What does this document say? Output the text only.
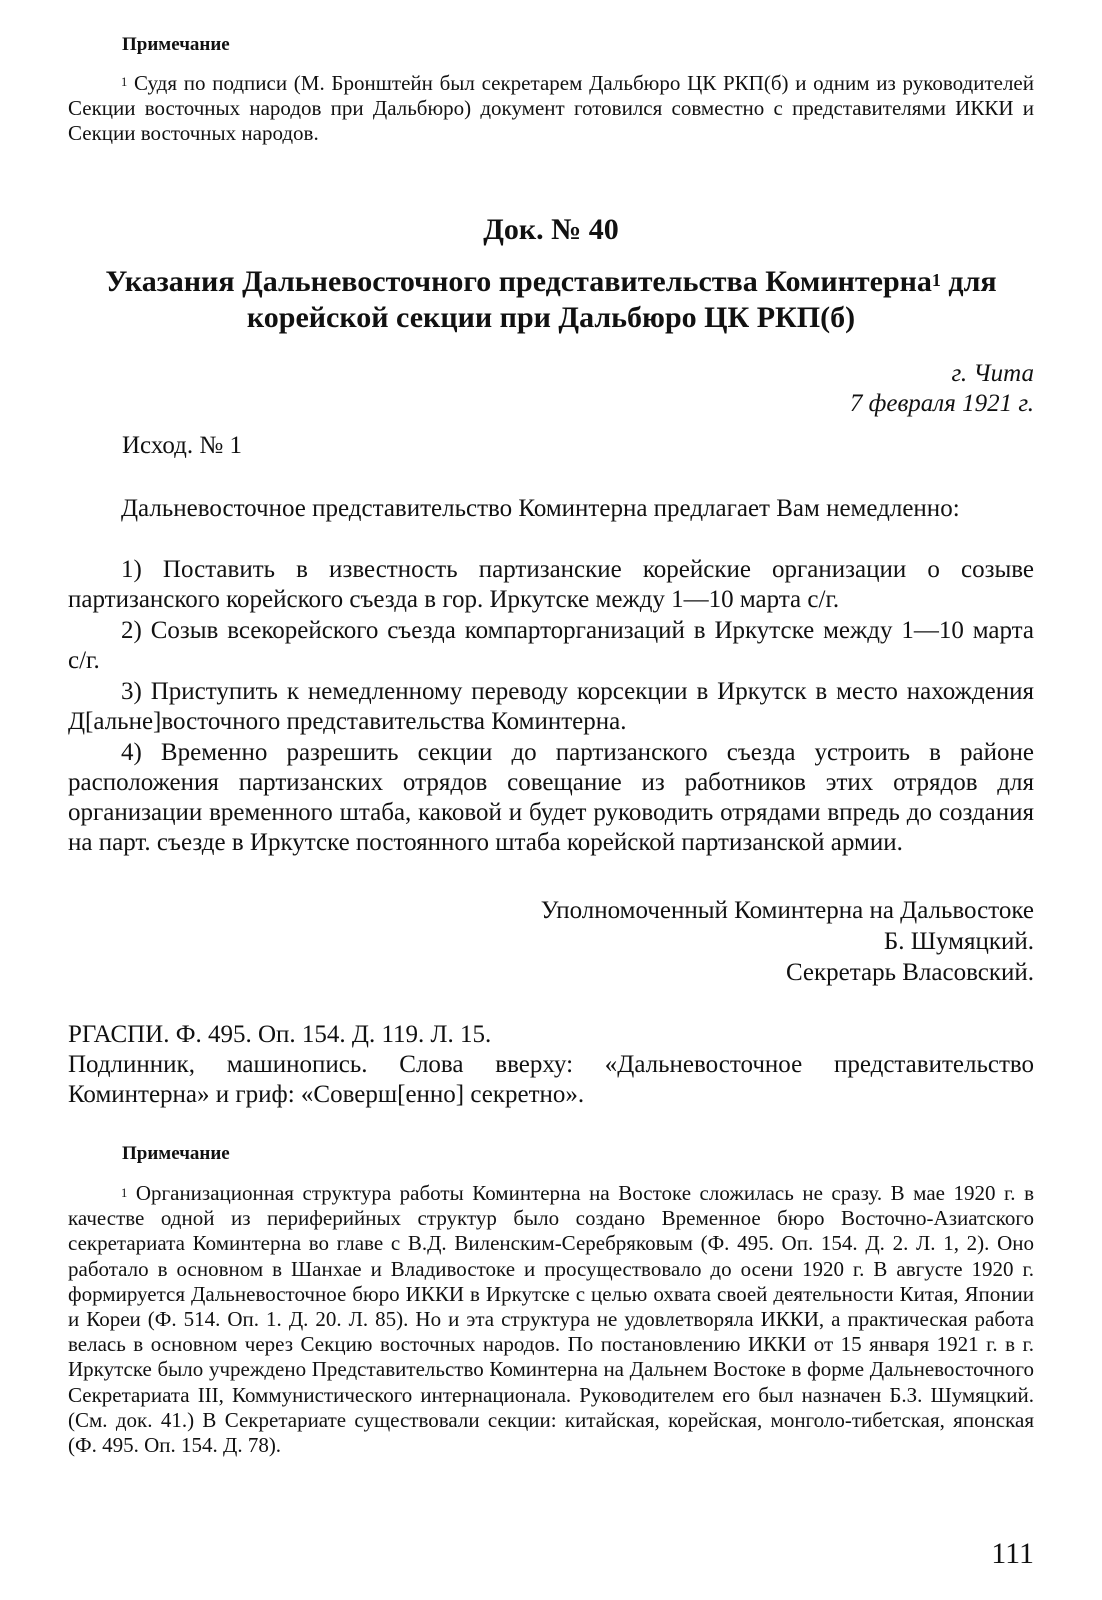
Примечание

$^1$ Судя по подписи (М. Бронштейн был секретарем Дальбюро ЦК РКП(б) и одним из руководителей Секции восточных народов при Дальбюро) документ готовился совместно с представителями ИККИ и Секции восточных народов.

Док. № 40
Указания Дальневосточного представительства Коминтерна$^1$ для корейской секции при Дальбюро ЦК РКП(б)
г. Чита
7 февраля 1921 г.
Исход. № 1

Дальневосточное представительство Коминтерна предлагает Вам немедленно:

1) Поставить в известность партизанские корейские организации о созыве партизанского корейского съезда в гор. Иркутске между 1—10 марта с/г.

2) Созыв всекорейского съезда компарторганизаций в Иркутске между 1—10 марта с/г.

3) Приступить к немедленному переводу корсекции в Иркутск в место нахождения Д[альне]восточного представительства Коминтерна.

4) Временно разрешить секции до партизанского съезда устроить в районе расположения партизанских отрядов совещание из работников этих отрядов для организации временного штаба, каковой и будет руководить отрядами впредь до создания на парт. съезде в Иркутске постоянного штаба корейской партизанской армии.

Уполномоченный Коминтерна на Дальвостоке
Б. Шумяцкий.
Секретарь Власовский.

РГАСПИ. Ф. 495. Оп. 154. Д. 119. Л. 15.

Подлинник, машинопись. Слова вверху: «Дальневосточное представительство Коминтерна» и гриф: «Соверш[енно] секретно».

Примечание

$^1$ Организационная структура работы Коминтерна на Востоке сложилась не сразу. В мае 1920 г. в качестве одной из периферийных структур было создано Временное бюро Восточно-Азиатского секретариата Коминтерна во главе с В.Д. Виленским-Серебряковым (Ф. 495. Оп. 154. Д. 2. Л. 1, 2). Оно работало в основном в Шанхае и Владивостоке и просуществовало до осени 1920 г. В августе 1920 г. формируется Дальневосточное бюро ИККИ в Иркутске с целью охвата своей деятельности Китая, Японии и Кореи (Ф. 514. Оп. 1. Д. 20. Л. 85). Но и эта структура не удовлетворяла ИККИ, а практическая работа велась в основном через Секцию восточных народов. По постановлению ИККИ от 15 января 1921 г. в г. Иркутске было учреждено Представительство Коминтерна на Дальнем Востоке в форме Дальневосточного Секретариата III, Коммунистического интернационала. Руководителем его был назначен Б.З. Шумяцкий. (См. док. 41.) В Секретариате существовали секции: китайская, корейская, монголо-тибетская, японская (Ф. 495. Оп. 154. Д. 78).

111
